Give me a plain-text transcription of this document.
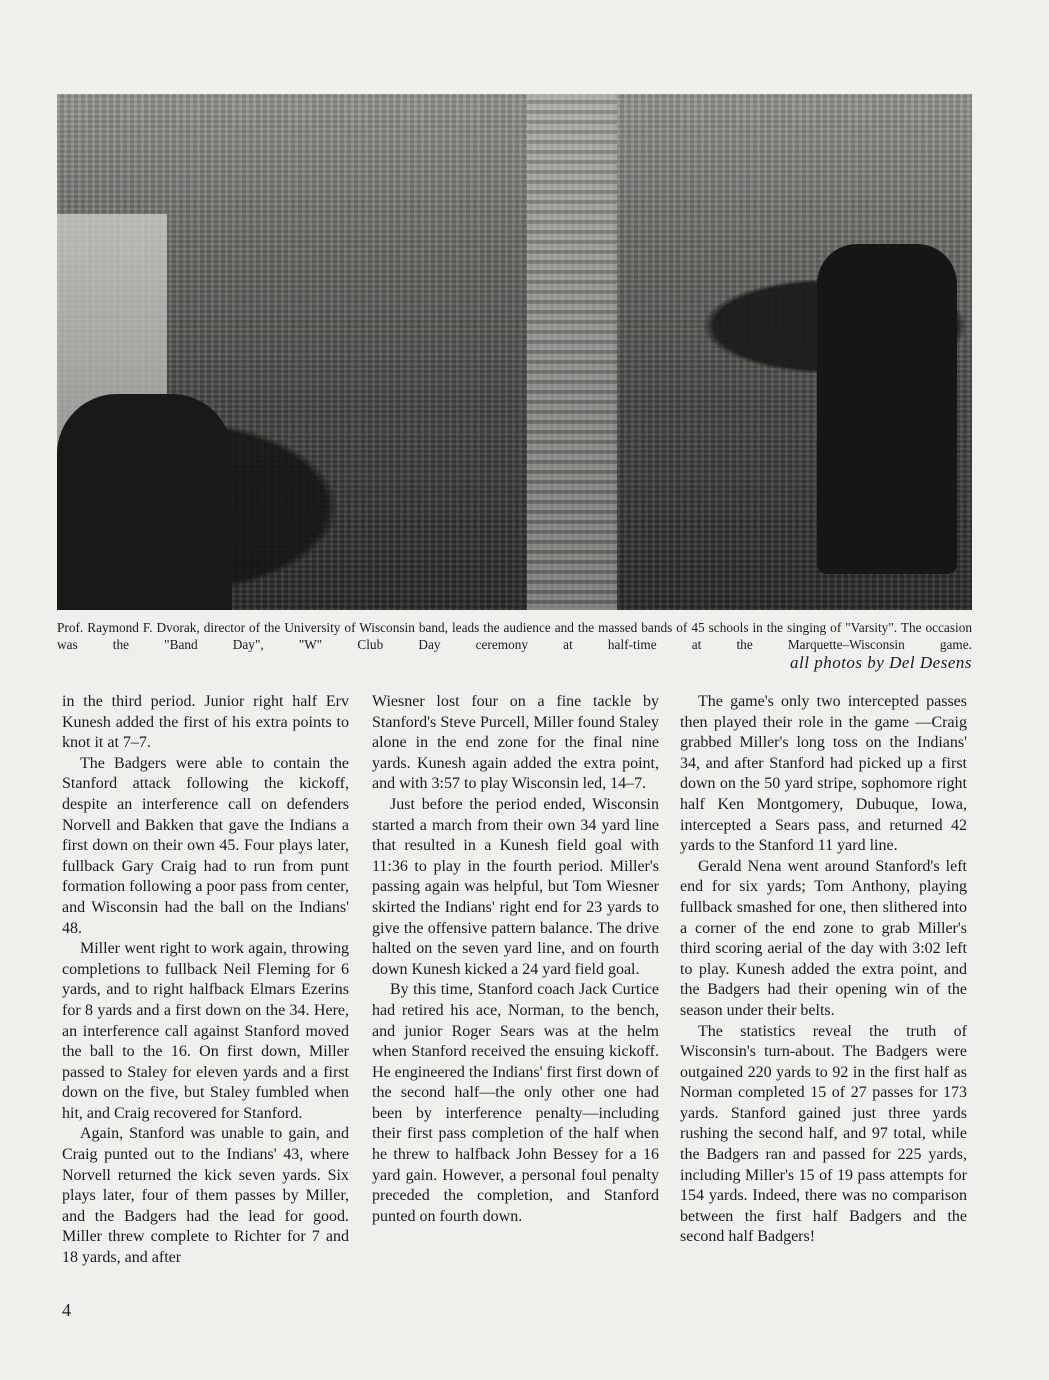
Prof. Raymond F. Dvorak, director of the University of Wisconsin band, leads the audience and the massed bands of 45 schools in the singing of "Varsity". The occasion was the "Band Day", "W" Club Day ceremony at half-time at the Marquette–Wisconsin game.
all photos by Del Desens

in the third period. Junior right half Erv Kunesh added the first of his extra points to knot it at 7–7.

The Badgers were able to contain the Stanford attack following the kickoff, despite an interference call on defenders Norvell and Bakken that gave the Indians a first down on their own 45. Four plays later, fullback Gary Craig had to run from punt formation following a poor pass from center, and Wisconsin had the ball on the Indians' 48.

Miller went right to work again, throwing completions to fullback Neil Fleming for 6 yards, and to right halfback Elmars Ezerins for 8 yards and a first down on the 34. Here, an interference call against Stanford moved the ball to the 16. On first down, Miller passed to Staley for eleven yards and a first down on the five, but Staley fumbled when hit, and Craig recovered for Stanford.

Again, Stanford was unable to gain, and Craig punted out to the Indians' 43, where Norvell returned the kick seven yards. Six plays later, four of them passes by Miller, and the Badgers had the lead for good. Miller threw complete to Richter for 7 and 18 yards, and after

Wiesner lost four on a fine tackle by Stanford's Steve Purcell, Miller found Staley alone in the end zone for the final nine yards. Kunesh again added the extra point, and with 3:57 to play Wisconsin led, 14–7.

Just before the period ended, Wisconsin started a march from their own 34 yard line that resulted in a Kunesh field goal with 11:36 to play in the fourth period. Miller's passing again was helpful, but Tom Wiesner skirted the Indians' right end for 23 yards to give the offensive pattern balance. The drive halted on the seven yard line, and on fourth down Kunesh kicked a 24 yard field goal.

By this time, Stanford coach Jack Curtice had retired his ace, Norman, to the bench, and junior Roger Sears was at the helm when Stanford received the ensuing kickoff. He engineered the Indians' first first down of the second half—the only other one had been by interference penalty—including their first pass completion of the half when he threw to halfback John Bessey for a 16 yard gain. However, a personal foul penalty preceded the completion, and Stanford punted on fourth down.

The game's only two intercepted passes then played their role in the game —Craig grabbed Miller's long toss on the Indians' 34, and after Stanford had picked up a first down on the 50 yard stripe, sophomore right half Ken Montgomery, Dubuque, Iowa, intercepted a Sears pass, and returned 42 yards to the Stanford 11 yard line.

Gerald Nena went around Stanford's left end for six yards; Tom Anthony, playing fullback smashed for one, then slithered into a corner of the end zone to grab Miller's third scoring aerial of the day with 3:02 left to play. Kunesh added the extra point, and the Badgers had their opening win of the season under their belts.

The statistics reveal the truth of Wisconsin's turn-about. The Badgers were outgained 220 yards to 92 in the first half as Norman completed 15 of 27 passes for 173 yards. Stanford gained just three yards rushing the second half, and 97 total, while the Badgers ran and passed for 225 yards, including Miller's 15 of 19 pass attempts for 154 yards. Indeed, there was no comparison between the first half Badgers and the second half Badgers!

4
